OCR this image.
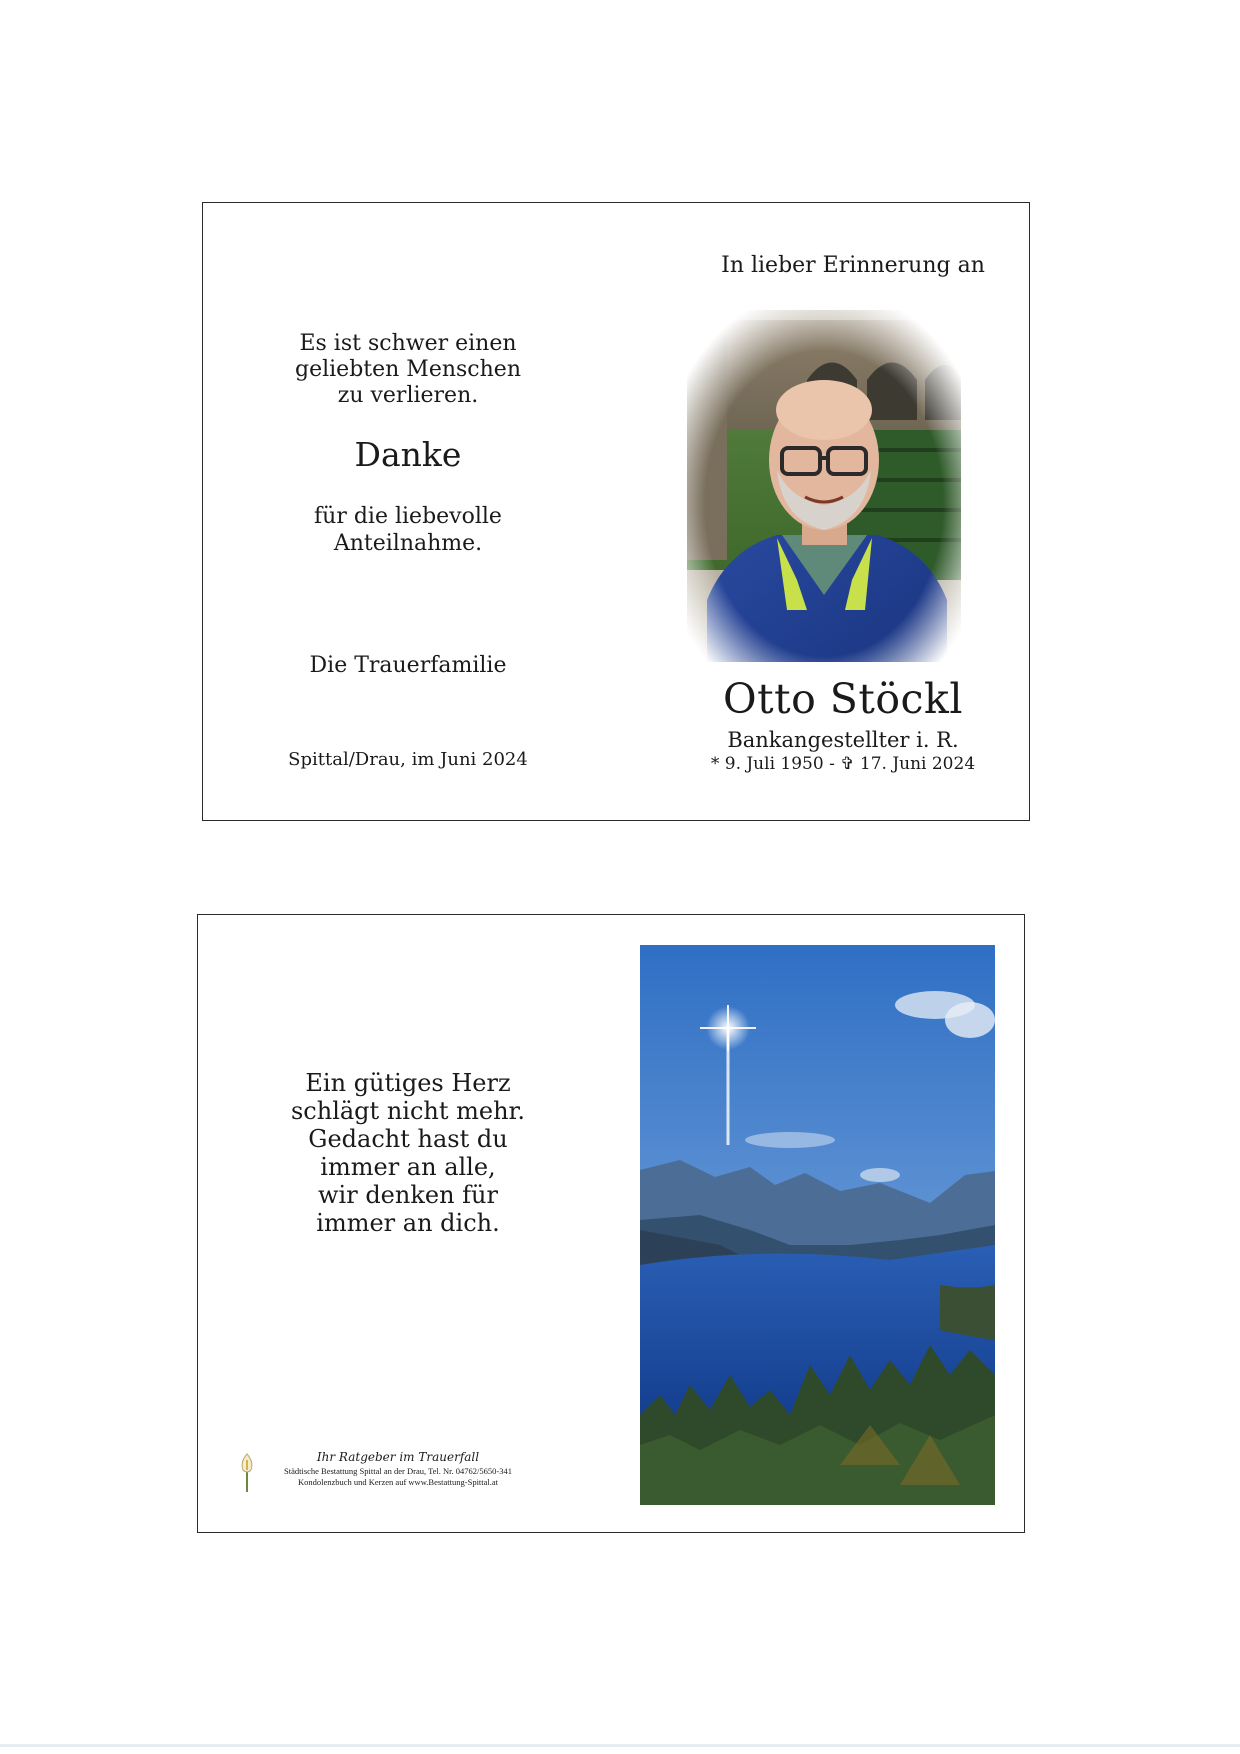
In lieber Erinnerung an
Es ist schwer einen
geliebten Menschen
zu verlieren.
Danke
für die liebevolle
Anteilnahme.
Die Trauerfamilie
Spittal/Drau, im Juni 2024
Otto Stöckl
Bankangestellter i. R.
* 9. Juli 1950 - ✞ 17. Juni 2024
Ein gütiges Herz
schlägt nicht mehr.
Gedacht hast du
immer an alle,
wir denken für
immer an dich.
Ihr Ratgeber im Trauerfall
Städtische Bestattung Spittal an der Drau, Tel. Nr. 04762/5650-341
Kondolenzbuch und Kerzen auf www.Bestattung-Spittal.at
